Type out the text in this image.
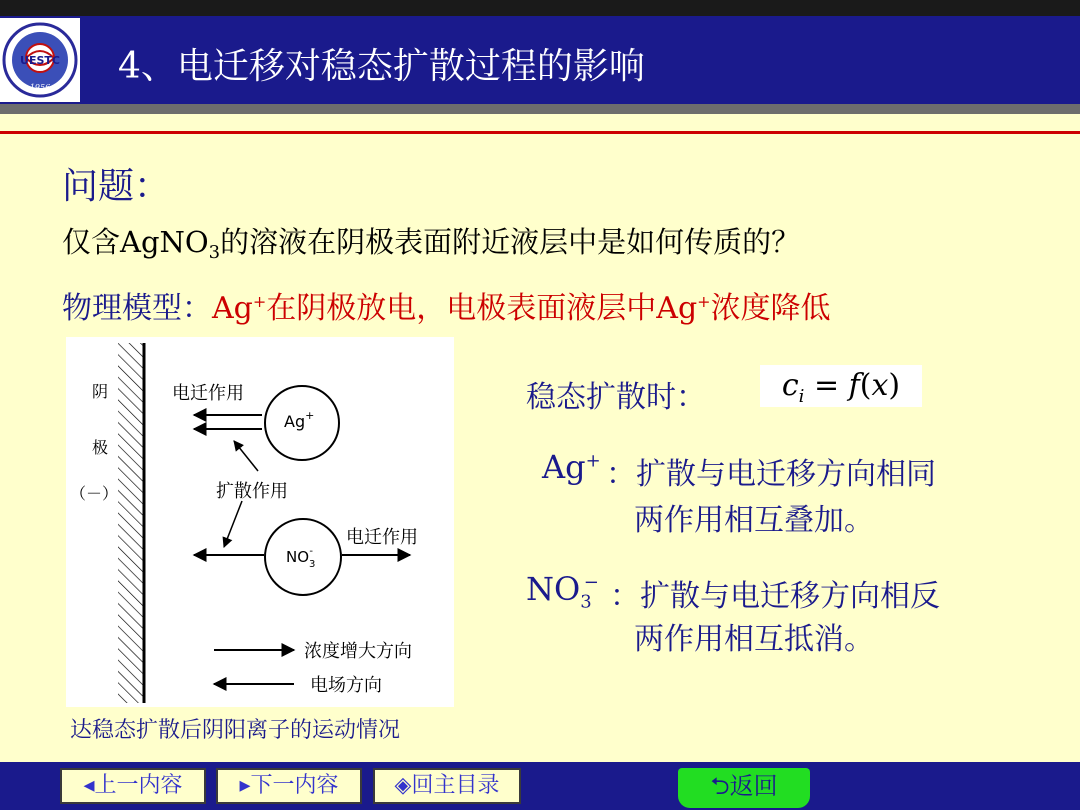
UESTC
1956
4、电迁移对稳态扩散过程的影响
问题：
仅含AgNO$_3$的溶液在阴极表面附近液层中是如何传质的？
物理模型：Ag+在阴极放电，电极表面液层中Ag+浓度降低
阴
极
（－）
电迁作用
Ag+
扩散作用
电迁作用
$NO_3-$
浓度增大方向
电场方向
达稳态扩散后阴阳离子的运动情况
稳态扩散时：	$c_i = f(x)$
Ag+ ： 扩散与电迁移方向相同
两作用相互叠加。
$NO_3^-$ ： 扩散与电迁移方向相反
两作用相互抵消。
◂上一内容	▸下一内容	◈回主目录	⮌返回
